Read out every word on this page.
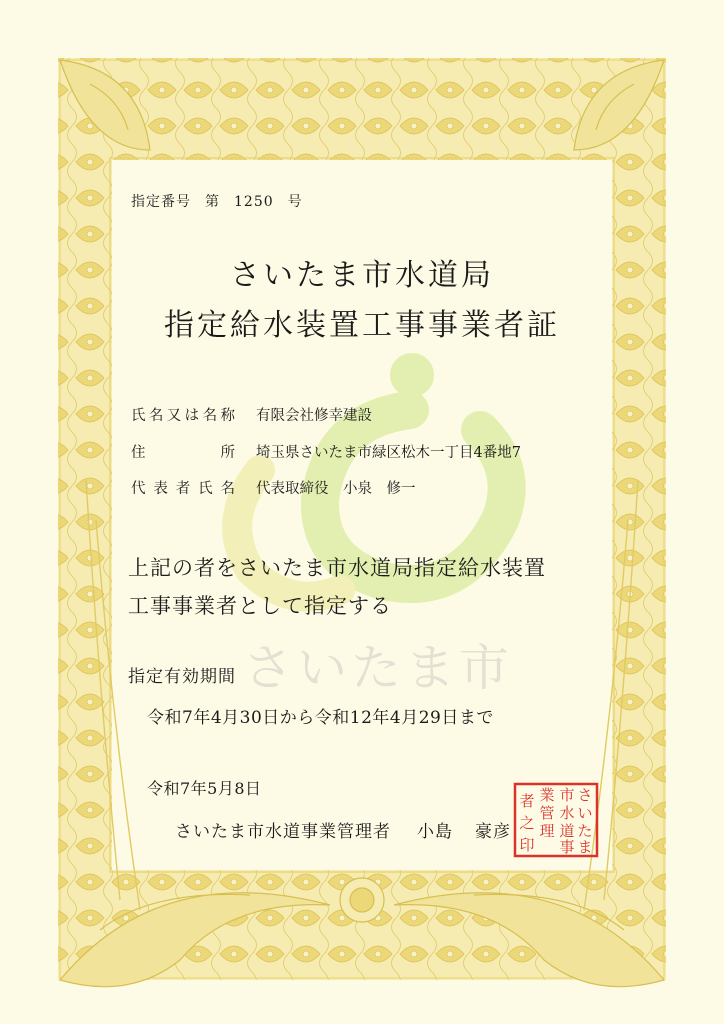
さいたま市
指定番号 第 1250 号
さいたま市水道局
指定給水装置工事事業者証
氏 名 又 は 名 称 有限会社修幸建設
住	所 埼玉県さいたま市緑区松木一丁目4番地7
代 表 者 氏 名 代表取締役　小泉　修一
上記の者をさいたま市水道局指定給水装置
工事事業者として指定する
指定有効期間
令和7年4月30日から令和12年4月29日まで
令和7年5月8日
さいたま市水道事業管理者 小島 豪彦
さ
い
た
ま
市
水
道
事
業
管
理
者
之
印
